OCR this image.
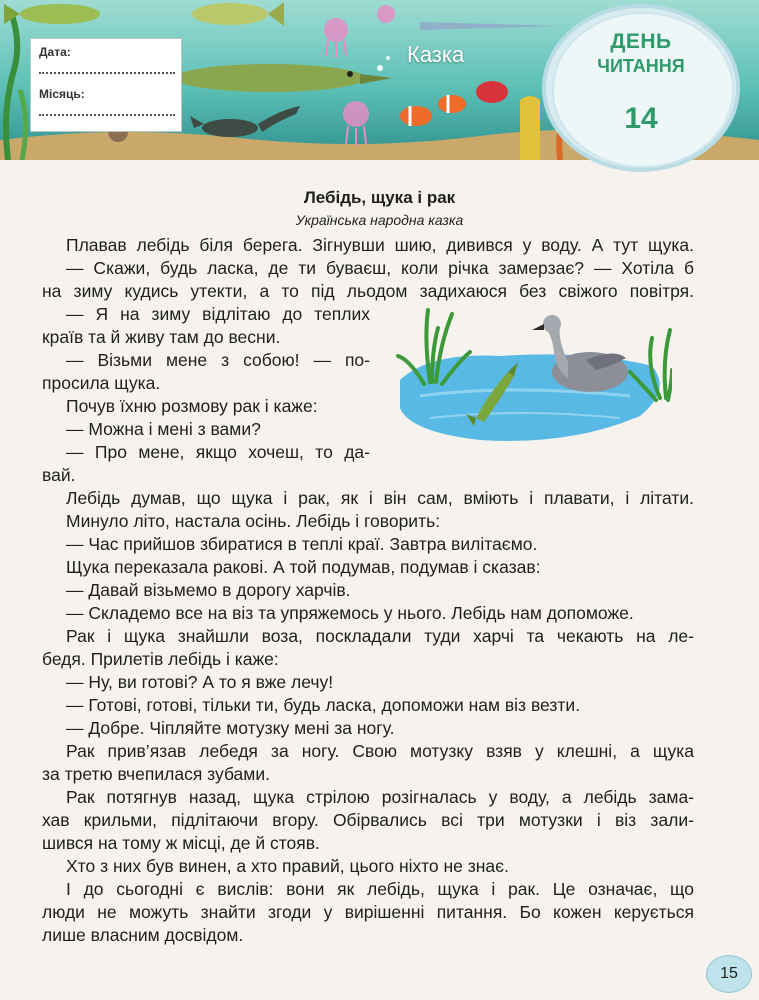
Дата:
Місяць:
Казка
ДЕНЬ
ЧИТАННЯ
14
Лебідь, щука і рак
Українська народна казка
Плавав лебідь біля берега. Зігнувши шию, дивився у воду. А тут щука.
— Скажи, будь ласка, де ти буваєш, коли річка замерзає? — Хотіла б
на зиму кудись утекти, а то під льодом задихаюся без свіжого повітря.
— Я на зиму відлітаю до теплих
країв та й живу там до весни.
— Візьми мене з собою! — по-
просила щука.
Почув їхню розмову рак і каже:
— Можна і мені з вами?
— Про мене, якщо хочеш, то да-
вай.
Лебідь думав, що щука і рак, як і він сам, вміють і плавати, і літати.
Минуло літо, настала осінь. Лебідь і говорить:
— Час прийшов збиратися в теплі краї. Завтра вилітаємо.
Щука переказала ракові. А той подумав, подумав і сказав:
— Давай візьмемо в дорогу харчів.
— Складемо все на віз та упряжемось у нього. Лебідь нам допоможе.
Рак і щука знайшли воза, поскладали туди харчі та чекають на ле-
бедя. Прилетів лебідь і каже:
— Ну, ви готові? А то я вже лечу!
— Готові, готові, тільки ти, будь ласка, допоможи нам віз везти.
— Добре. Чіпляйте мотузку мені за ногу.
Рак прив’язав лебедя за ногу. Свою мотузку взяв у клешні, а щука
за третю вчепилася зубами.
Рак потягнув назад, щука стрілою розігналась у воду, а лебідь зама-
хав крильми, підлітаючи вгору. Обірвались всі три мотузки і віз зали-
шився на тому ж місці, де й стояв.
Хто з них був винен, а хто правий, цього ніхто не знає.
І до сьогодні є вислів: вони як лебідь, щука і рак. Це означає, що
люди не можуть знайти згоди у вирішенні питання. Бо кожен керується
лише власним досвідом.
15
